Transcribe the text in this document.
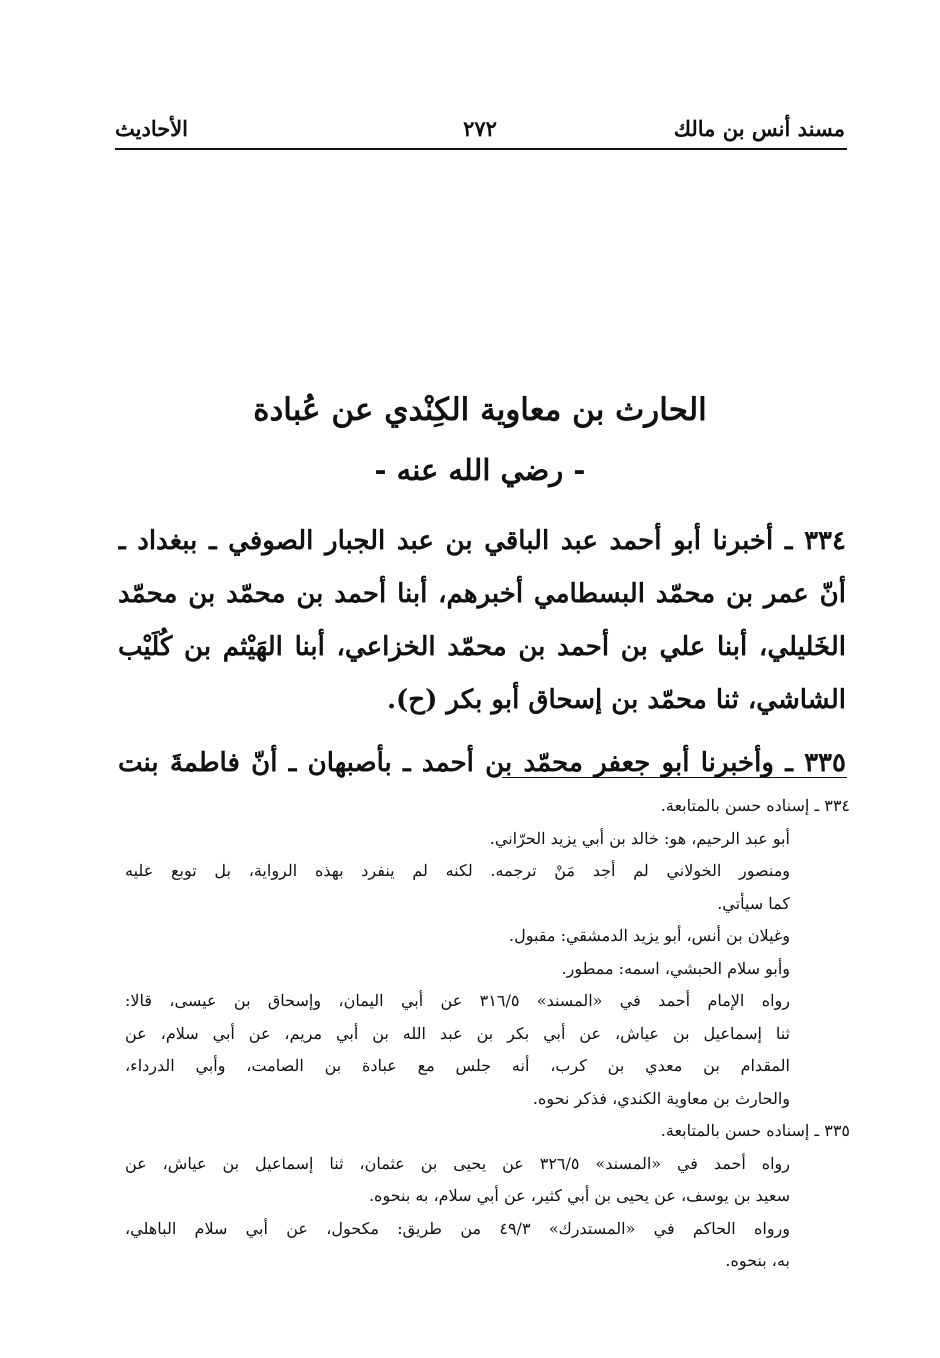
مسند أنس بن مالك
٢٧٢
الأحاديث
الحارث بن معاوية الكِنْدي عن عُبادة
- رضي الله عنه -
٣٣٤ ـ أخبرنا أبو أحمد عبد الباقي بن عبد الجبار الصوفي ـ ببغداد ـ
أنّ عمر بن محمّد البسطامي أخبرهم، أبنا أحمد بن محمّد بن محمّد
الخَليلي، أبنا علي بن أحمد بن محمّد الخزاعي، أبنا الهَيْثم بن كُلَيْب
الشاشي، ثنا محمّد بن إسحاق أبو بكر (ح).
٣٣٥ ـ وأخبرنا أبو جعفر محمّد بن أحمد ـ بأصبهان ـ أنّ فاطمةَ بنت
٣٣٤ ـ إسناده حسن بالمتابعة.
أبو عبد الرحيم، هو: خالد بن أبي يزيد الحرّاني.
ومنصور الخولاني لم أجد مَنْ ترجمه. لكنه لم ينفرد بهذه الرواية، بل توبع عليه
كما سيأتي.
وغيلان بن أنس، أبو يزيد الدمشقي: مقبول.
وأبو سلام الحبشي، اسمه: ممطور.
رواه الإمام أحمد في «المسند» ٣١٦/٥ عن أبي اليمان، وإسحاق بن عيسى، قالا:
ثنا إسماعيل بن عياش، عن أبي بكر بن عبد الله بن أبي مريم، عن أبي سلام، عن
المقدام بن معدي بن كرب، أنه جلس مع عبادة بن الصامت، وأبي الدرداء،
والحارث بن معاوية الكندي، فذكر نحوه.
٣٣٥ ـ إسناده حسن بالمتابعة.
رواه أحمد في «المسند» ٣٢٦/٥ عن يحيى بن عثمان، ثنا إسماعيل بن عياش، عن
سعيد بن يوسف، عن يحيى بن أبي كثير، عن أبي سلام، به بنحوه.
ورواه الحاكم في «المستدرك» ٤٩/٣ من طريق: مكحول، عن أبي سلام الباهلي،
به، بنحوه.
